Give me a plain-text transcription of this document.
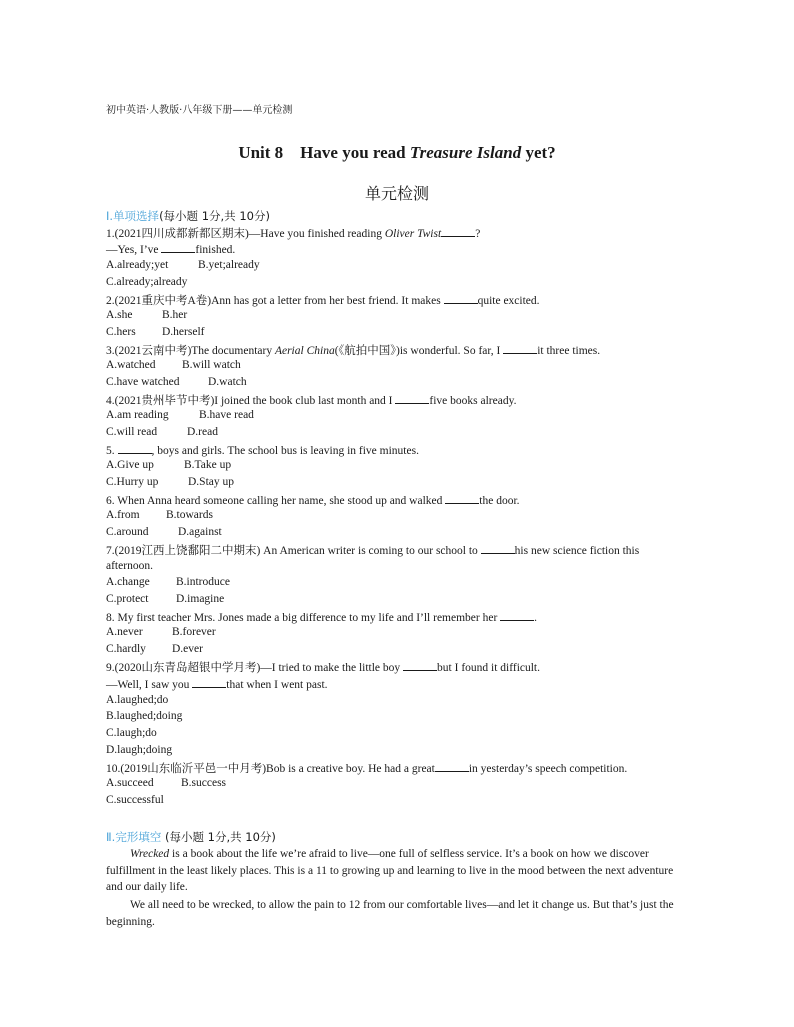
初中英语·人教版·八年级下册——单元检测
Unit 8    Have you read Treasure Island yet?
单元检测
Ⅰ.单项选择(每小题 1分,共 10分)
1.(2021四川成都新都区期末)—Have you finished reading Oliver Twist	?
—Yes, I’ve	finished.
A.already;yet	B.yet;already
C.already;already
2.(2021重庆中考A卷)Ann has got a letter from her best friend. It makes	quite excited.
A.she	B.her
C.hers D.herself
3.(2021云南中考)The documentary Aerial China(《航拍中国》)is wonderful. So far, I	it three times.
A.watched B.will watch
C.have watched D.watch
4.(2021贵州毕节中考)I joined the book club last month and I	five books already.
A.am reading	B.have read
C.will read	D.read
5.	, boys and girls. The school bus is leaving in five minutes.
A.Give up	B.Take up
C.Hurry up	D.Stay up
6. When Anna heard someone calling her name, she stood up and walked	the door.
A.from B.towards
C.around	D.against
7.(2019江西上饶鄱阳二中期末) An American writer is coming to our school to	his new science fiction this
afternoon.
A.change B.introduce
C.protect D.imagine
8. My first teacher Mrs. Jones made a big difference to my life and I’ll remember her	.
A.never	B.forever
C.hardly D.ever
9.(2020山东青岛超银中学月考)—I tried to make the little boy	but I found it difficult.
—Well, I saw you	that when I went past.
A.laughed;do
B.laughed;doing
C.laugh;do
D.laugh;doing
10.(2019山东临沂平邑一中月考)Bob is a creative boy. He had a great	in yesterday’s speech competition.
A.succeed B.success
C.successful
Ⅱ.完形填空 (每小题 1分,共 10分)
Wrecked is a book about the life we’re afraid to live—one full of selfless service. It’s a book on how we discover fulfillment in the least likely places. This is a 11 to growing up and learning to live in the mood between the next adventure and our daily life.
We all need to be wrecked, to allow the pain to 12 from our comfortable lives—and let it change us. But that’s just the beginning.
